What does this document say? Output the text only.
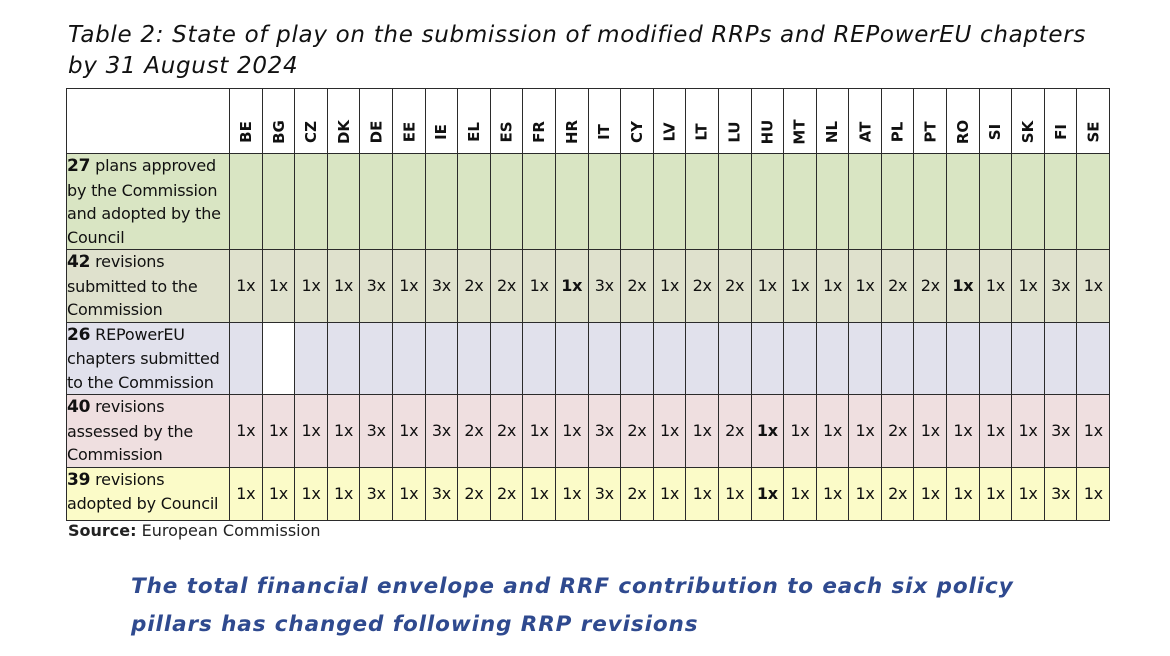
Table 2: State of play on the submission of modified RRPs and REPowerEU chapters by 31 August 2024
	BE	BG	CZ	DK	DE	EE	IE	EL	ES	FR	HR	IT	CY	LV	LT	LU	HU	MT	NL	AT	PL	PT	RO	SI	SK	FI	SE
27 plans approved by the Commission and adopted by the Council																											
42 revisions submitted to the Commission	1x	1x	1x	1x	3x	1x	3x	2x	2x	1x	1x	3x	2x	1x	2x	2x	1x	1x	1x	1x	2x	2x	1x	1x	1x	3x	1x
26 REPowerEU chapters submitted to the Commission																											
40 revisions assessed by the Commission	1x	1x	1x	1x	3x	1x	3x	2x	2x	1x	1x	3x	2x	1x	1x	2x	1x	1x	1x	1x	2x	1x	1x	1x	1x	3x	1x
39 revisions adopted by Council	1x	1x	1x	1x	3x	1x	3x	2x	2x	1x	1x	3x	2x	1x	1x	1x	1x	1x	1x	1x	2x	1x	1x	1x	1x	3x	1x
Source: European Commission
The total financial envelope and RRF contribution to each six policy pillars has changed following RRP revisions
